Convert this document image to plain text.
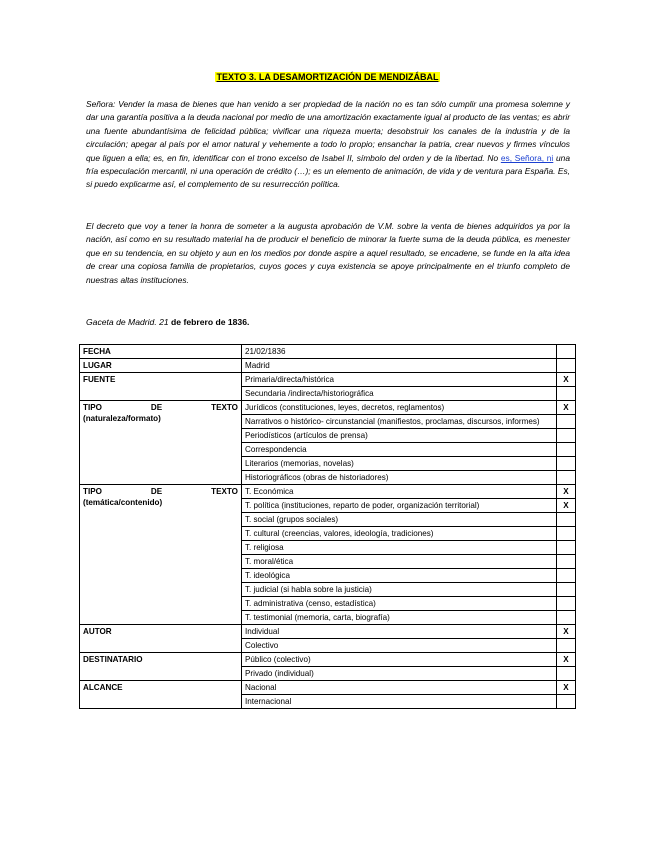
TEXTO 3. LA DESAMORTIZACIÓN DE MENDIZÁBAL

Señora: Vender la masa de bienes que han venido a ser propiedad de la nación no es tan sólo cumplir una promesa solemne y dar una garantía positiva a la deuda nacional por medio de una amortización exactamente igual al producto de las ventas; es abrir una fuente abundantísima de felicidad pública; vivificar una riqueza muerta; desobstruir los canales de la industria y de la circulación; apegar al país por el amor natural y vehemente a todo lo propio; ensanchar la patria, crear nuevos y firmes vínculos que liguen a ella; es, en fin, identificar con el trono excelso de Isabel II, símbolo del orden y de la libertad. No es, Señora, ni una fría especulación mercantil, ni una operación de crédito (…); es un elemento de animación, de vida y de ventura para España. Es, si puedo explicarme así, el complemento de su resurrección política.

El decreto que voy a tener la honra de someter a la augusta aprobación de V.M. sobre la venta de bienes adquiridos ya por la nación, así como en su resultado material ha de producir el beneficio de minorar la fuerte suma de la deuda pública, es menester que en su tendencia, en su objeto y aun en los medios por donde aspire a aquel resultado, se encadene, se funde en la alta idea de crear una copiosa familia de propietarios, cuyos goces y cuya existencia se apoye principalmente en el triunfo completo de nuestras altas instituciones.

Gaceta de Madrid. 21 de febrero de 1836.
FECHA	21/02/1836	
LUGAR	Madrid	
FUENTE	Primaria/directa/histórica	X
	Secundaria /indirecta/historiográfica	

TIPO DE TEXTO
(naturaleza/formato)	Jurídicos (constituciones, leyes, decretos, reglamentos)	X
	Narrativos o histórico- circunstancial (manifiestos, proclamas, discursos, informes)	
	Periodísticos (artículos de prensa)	
	Correspondencia	
	Literarios (memorias, novelas)	
	Historiográficos (obras de historiadores)	

TIPO DE TEXTO
(temática/contenido)	T. Económica	X
	T. política (instituciones, reparto de poder, organización territorial)	X
	T. social (grupos sociales)	
	T. cultural (creencias, valores, ideología, tradiciones)	
	T. religiosa	
	T. moral/ética	
	T. ideológica	
	T. judicial (si habla sobre la justicia)	
	T. administrativa (censo, estadística)	
	T. testimonial (memoria, carta, biografía)	
AUTOR	Individual	X
	Colectivo	
DESTINATARIO	Público (colectivo)	X
	Privado (individual)	
ALCANCE	Nacional	X
	Internacional	
